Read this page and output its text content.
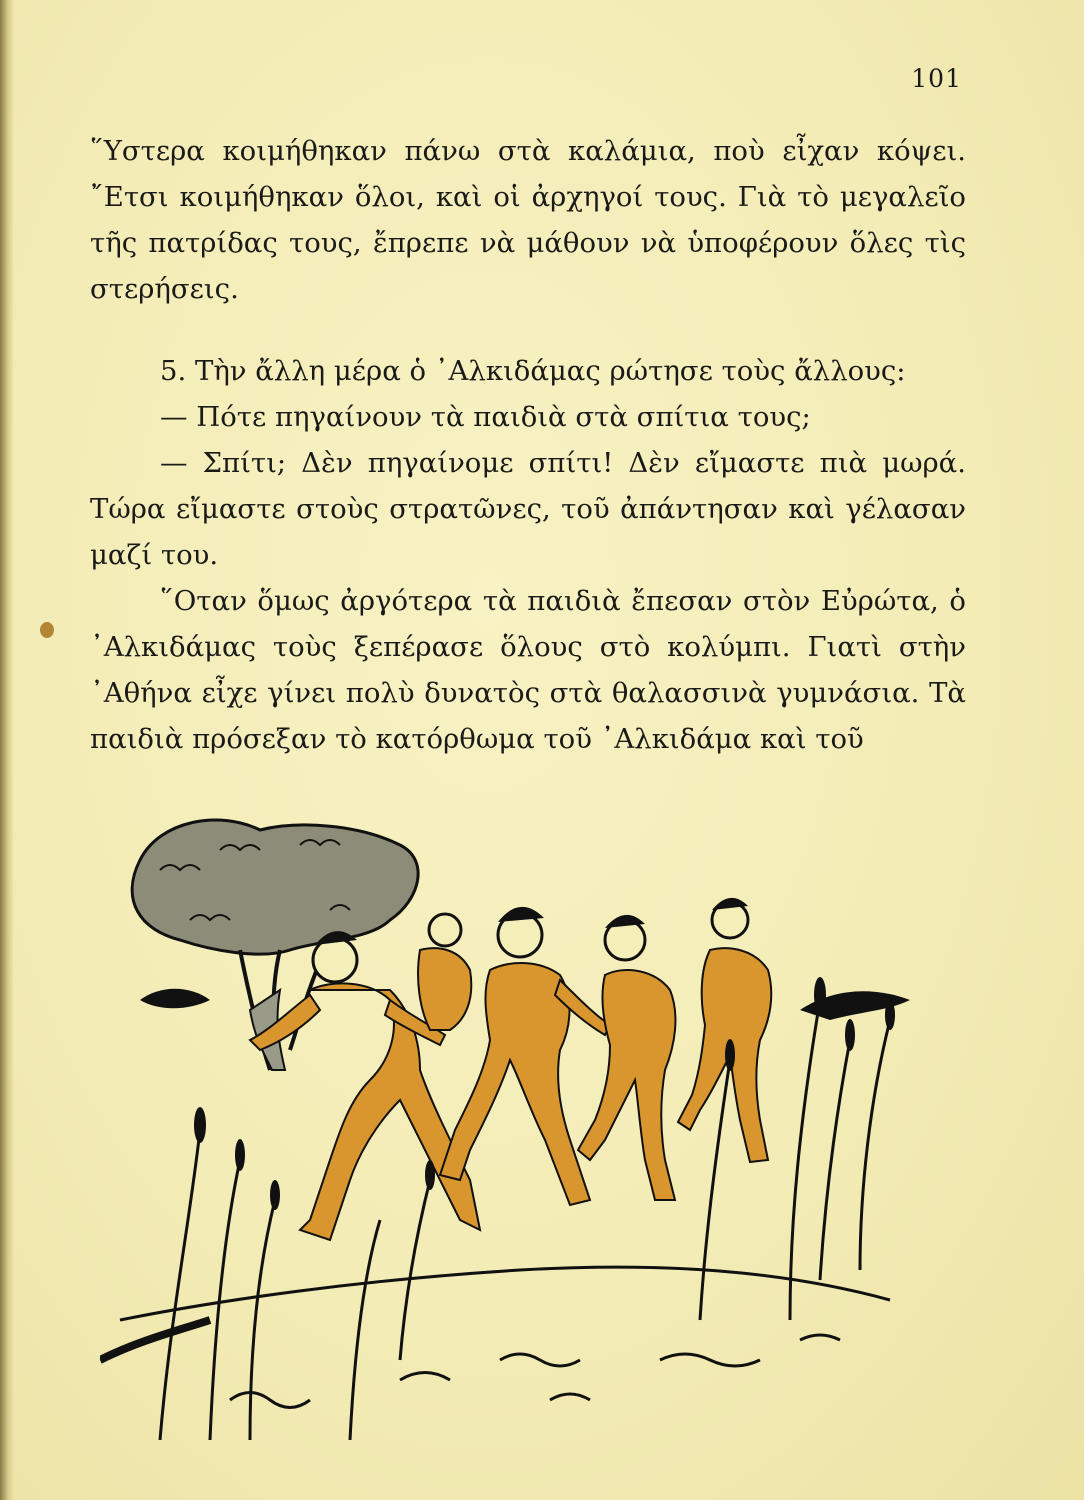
101

῞Υστερα κοιμήθηκαν πάνω στὰ καλάμια, ποὺ εἶχαν κόψει. ῎Ετσι κοιμήθηκαν ὅλοι, καὶ οἱ ἀρχηγοί τους. Γιὰ τὸ μεγαλεῖο τῆς πατρίδας τους, ἔπρεπε νὰ μάθουν νὰ ὑποφέρουν ὅλες τὶς στερήσεις.

5. Τὴν ἄλλη μέρα ὁ ᾿Αλκιδάμας ρώτησε τοὺς ἄλλους:

— Πότε πηγαίνουν τὰ παιδιὰ στὰ σπίτια τους;

— Σπίτι; Δὲν πηγαίνομε σπίτι! Δὲν εἴμαστε πιὰ μωρά. Τώρα εἴμαστε στοὺς στρατῶνες, τοῦ ἀπάντησαν καὶ γέλασαν μαζί του.

῞Οταν ὅμως ἀργότερα τὰ παιδιὰ ἔπεσαν στὸν Εὐρώτα, ὁ ᾿Αλκιδάμας τοὺς ξεπέρασε ὅλους στὸ κολύμπι. Γιατὶ στὴν ᾿Αθήνα εἶχε γίνει πολὺ δυνατὸς στὰ θαλασσινὰ γυμνάσια. Τὰ παιδιὰ πρόσεξαν τὸ κατόρθωμα τοῦ ᾿Αλκιδάμα καὶ τοῦ
